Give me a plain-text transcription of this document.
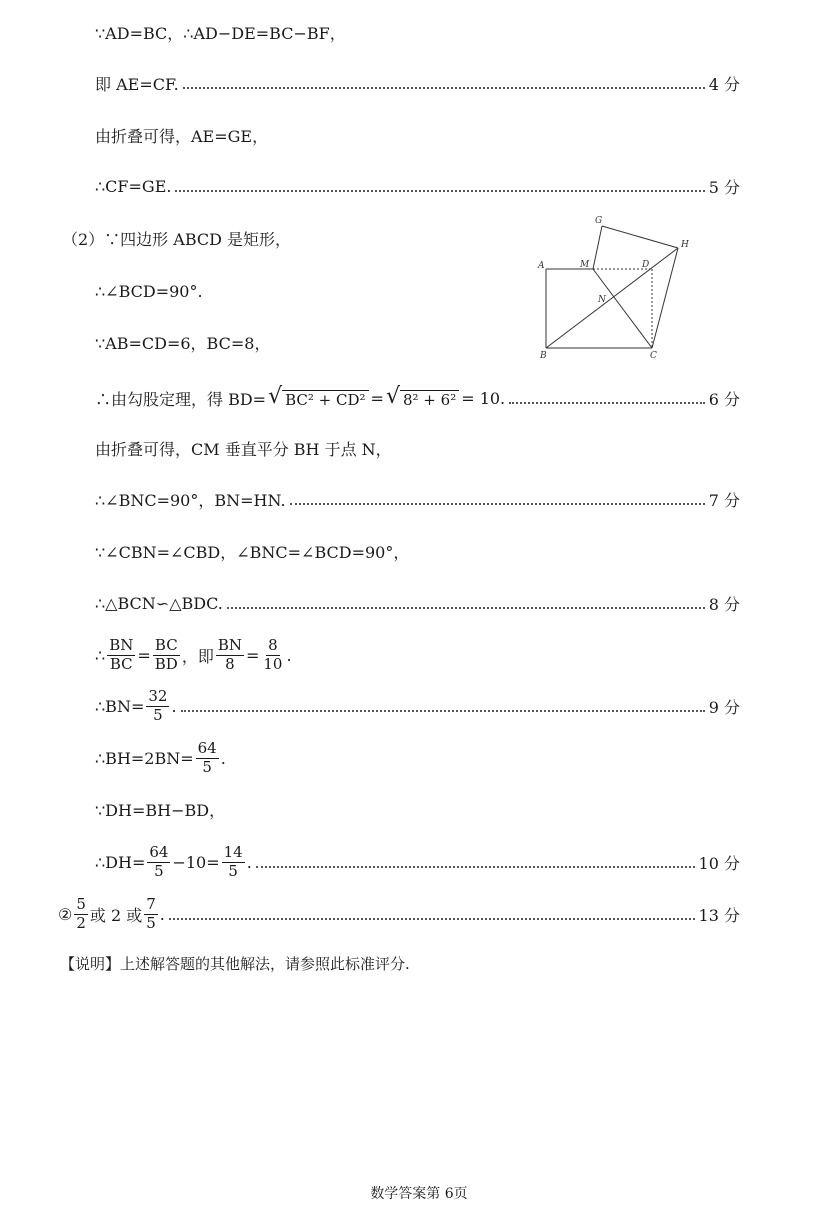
∵AD=BC，∴AD−DE=BC−BF，
即 AE=CF.	4 分
由折叠可得，AE=GE，
∴CF=GE.	5 分
（2）∵四边形 ABCD 是矩形，
∴∠BCD=90°.
∵AB=CD=6，BC=8，
∴由勾股定理，得 BD= √ BC² + CD² = √ 8² + 6² = 10.	6 分
由折叠可得，CM 垂直平分 BH 于点 N，
∴∠BNC=90°，BN=HN.	7 分
∵∠CBN=∠CBD，∠BNC=∠BCD=90°，
∴△BCN∽△BDC.	8 分
∴ $\frac{BN}{BC} = \frac{BC}{BD}$ ，即 $\frac{BN}{8} = \frac{8}{10}$ .
∴BN= $\frac{32}{5}$ .	9 分
∴BH=2BN= $\frac{64}{5}$ .
∵DH=BH−BD，
∴DH= $\frac{64}{5} -10= \frac{14}{5}$ .	10 分
② $\frac{5}{2}$ 或 2 或 $\frac{7}{5}$ .	13 分
【说明】上述解答题的其他解法，请参照此标准评分.
A	M	D
G
H
N
B	C
数学答案第 6页
